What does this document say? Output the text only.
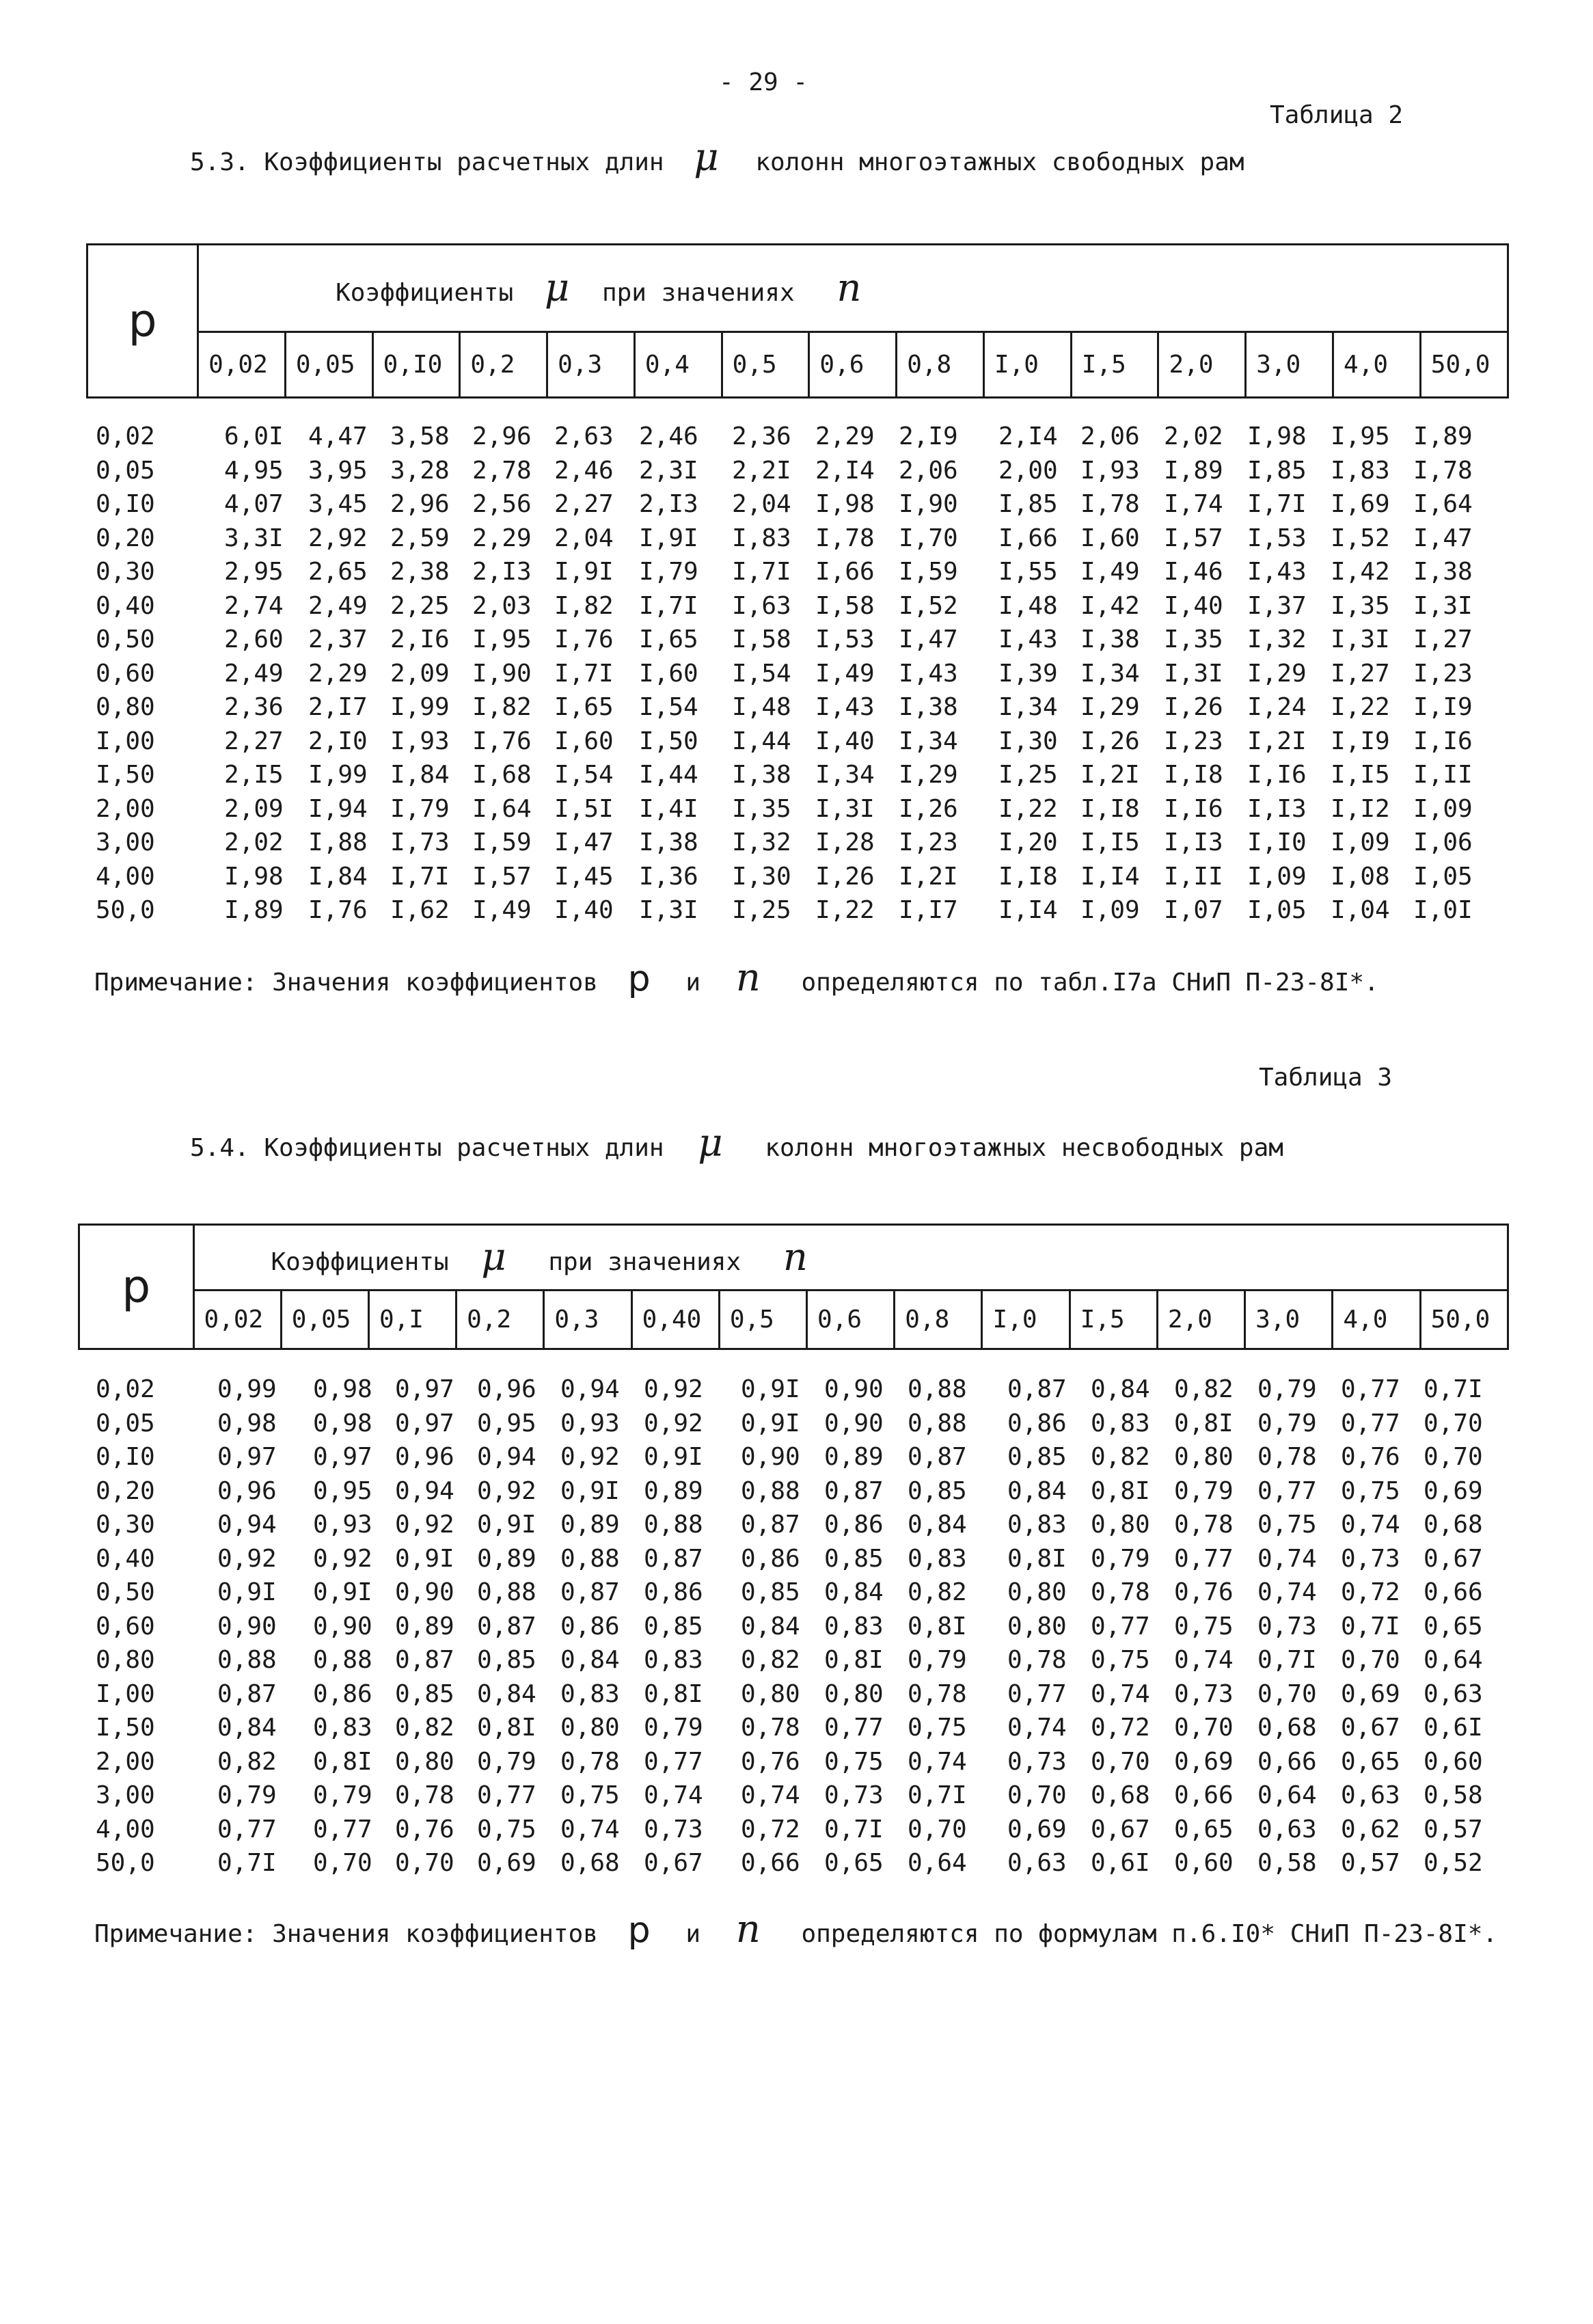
- 29 -
Таблица 2
5.3. Коэффициенты расчетных длин μ колонн многоэтажных свободных рам
p	Коэффициенты μ при значениях n														
	0,02	0,05	0,I0	0,2	0,3	0,4	0,5	0,6	0,8	I,0	I,5	2,0	3,0	4,0	50,0
0,02	6,0I	4,47	3,58	2,96	2,63	2,46	2,36	2,29	2,I9	2,I4	2,06	2,02	I,98	I,95	I,89	
0,05	4,95	3,95	3,28	2,78	2,46	2,3I	2,2I	2,I4	2,06	2,00	I,93	I,89	I,85	I,83	I,78	
0,I0	4,07	3,45	2,96	2,56	2,27	2,I3	2,04	I,98	I,90	I,85	I,78	I,74	I,7I	I,69	I,64	
0,20	3,3I	2,92	2,59	2,29	2,04	I,9I	I,83	I,78	I,70	I,66	I,60	I,57	I,53	I,52	I,47	
0,30	2,95	2,65	2,38	2,I3	I,9I	I,79	I,7I	I,66	I,59	I,55	I,49	I,46	I,43	I,42	I,38	
0,40	2,74	2,49	2,25	2,03	I,82	I,7I	I,63	I,58	I,52	I,48	I,42	I,40	I,37	I,35	I,3I	
0,50	2,60	2,37	2,I6	I,95	I,76	I,65	I,58	I,53	I,47	I,43	I,38	I,35	I,32	I,3I	I,27	
0,60	2,49	2,29	2,09	I,90	I,7I	I,60	I,54	I,49	I,43	I,39	I,34	I,3I	I,29	I,27	I,23	
0,80	2,36	2,I7	I,99	I,82	I,65	I,54	I,48	I,43	I,38	I,34	I,29	I,26	I,24	I,22	I,I9	
I,00	2,27	2,I0	I,93	I,76	I,60	I,50	I,44	I,40	I,34	I,30	I,26	I,23	I,2I	I,I9	I,I6	
I,50	2,I5	I,99	I,84	I,68	I,54	I,44	I,38	I,34	I,29	I,25	I,2I	I,I8	I,I6	I,I5	I,II	
2,00	2,09	I,94	I,79	I,64	I,5I	I,4I	I,35	I,3I	I,26	I,22	I,I8	I,I6	I,I3	I,I2	I,09	
3,00	2,02	I,88	I,73	I,59	I,47	I,38	I,32	I,28	I,23	I,20	I,I5	I,I3	I,I0	I,09	I,06	
4,00	I,98	I,84	I,7I	I,57	I,45	I,36	I,30	I,26	I,2I	I,I8	I,I4	I,II	I,09	I,08	I,05	
50,0	I,89	I,76	I,62	I,49	I,40	I,3I	I,25	I,22	I,I7	I,I4	I,09	I,07	I,05	I,04	I,0I	
Примечание: Значения коэффициентов p и n определяются по табл.I7а СНиП П-23-8I*.
Таблица 3
5.4. Коэффициенты расчетных длин μ колонн многоэтажных несвободных рам
p	Коэффициенты μ при значениях n														
	0,02	0,05	0,I	0,2	0,3	0,40	0,5	0,6	0,8	I,0	I,5	2,0	3,0	4,0	50,0
0,02	0,99	0,98	0,97	0,96	0,94	0,92	0,9I	0,90	0,88	0,87	0,84	0,82	0,79	0,77	0,7I	
0,05	0,98	0,98	0,97	0,95	0,93	0,92	0,9I	0,90	0,88	0,86	0,83	0,8I	0,79	0,77	0,70	
0,I0	0,97	0,97	0,96	0,94	0,92	0,9I	0,90	0,89	0,87	0,85	0,82	0,80	0,78	0,76	0,70	
0,20	0,96	0,95	0,94	0,92	0,9I	0,89	0,88	0,87	0,85	0,84	0,8I	0,79	0,77	0,75	0,69	
0,30	0,94	0,93	0,92	0,9I	0,89	0,88	0,87	0,86	0,84	0,83	0,80	0,78	0,75	0,74	0,68	
0,40	0,92	0,92	0,9I	0,89	0,88	0,87	0,86	0,85	0,83	0,8I	0,79	0,77	0,74	0,73	0,67	
0,50	0,9I	0,9I	0,90	0,88	0,87	0,86	0,85	0,84	0,82	0,80	0,78	0,76	0,74	0,72	0,66	
0,60	0,90	0,90	0,89	0,87	0,86	0,85	0,84	0,83	0,8I	0,80	0,77	0,75	0,73	0,7I	0,65	
0,80	0,88	0,88	0,87	0,85	0,84	0,83	0,82	0,8I	0,79	0,78	0,75	0,74	0,7I	0,70	0,64	
I,00	0,87	0,86	0,85	0,84	0,83	0,8I	0,80	0,80	0,78	0,77	0,74	0,73	0,70	0,69	0,63	
I,50	0,84	0,83	0,82	0,8I	0,80	0,79	0,78	0,77	0,75	0,74	0,72	0,70	0,68	0,67	0,6I	
2,00	0,82	0,8I	0,80	0,79	0,78	0,77	0,76	0,75	0,74	0,73	0,70	0,69	0,66	0,65	0,60	
3,00	0,79	0,79	0,78	0,77	0,75	0,74	0,74	0,73	0,7I	0,70	0,68	0,66	0,64	0,63	0,58	
4,00	0,77	0,77	0,76	0,75	0,74	0,73	0,72	0,7I	0,70	0,69	0,67	0,65	0,63	0,62	0,57	
50,0	0,7I	0,70	0,70	0,69	0,68	0,67	0,66	0,65	0,64	0,63	0,6I	0,60	0,58	0,57	0,52	
Примечание: Значения коэффициентов p и n определяются по формулам п.6.I0* СНиП П-23-8I*.
